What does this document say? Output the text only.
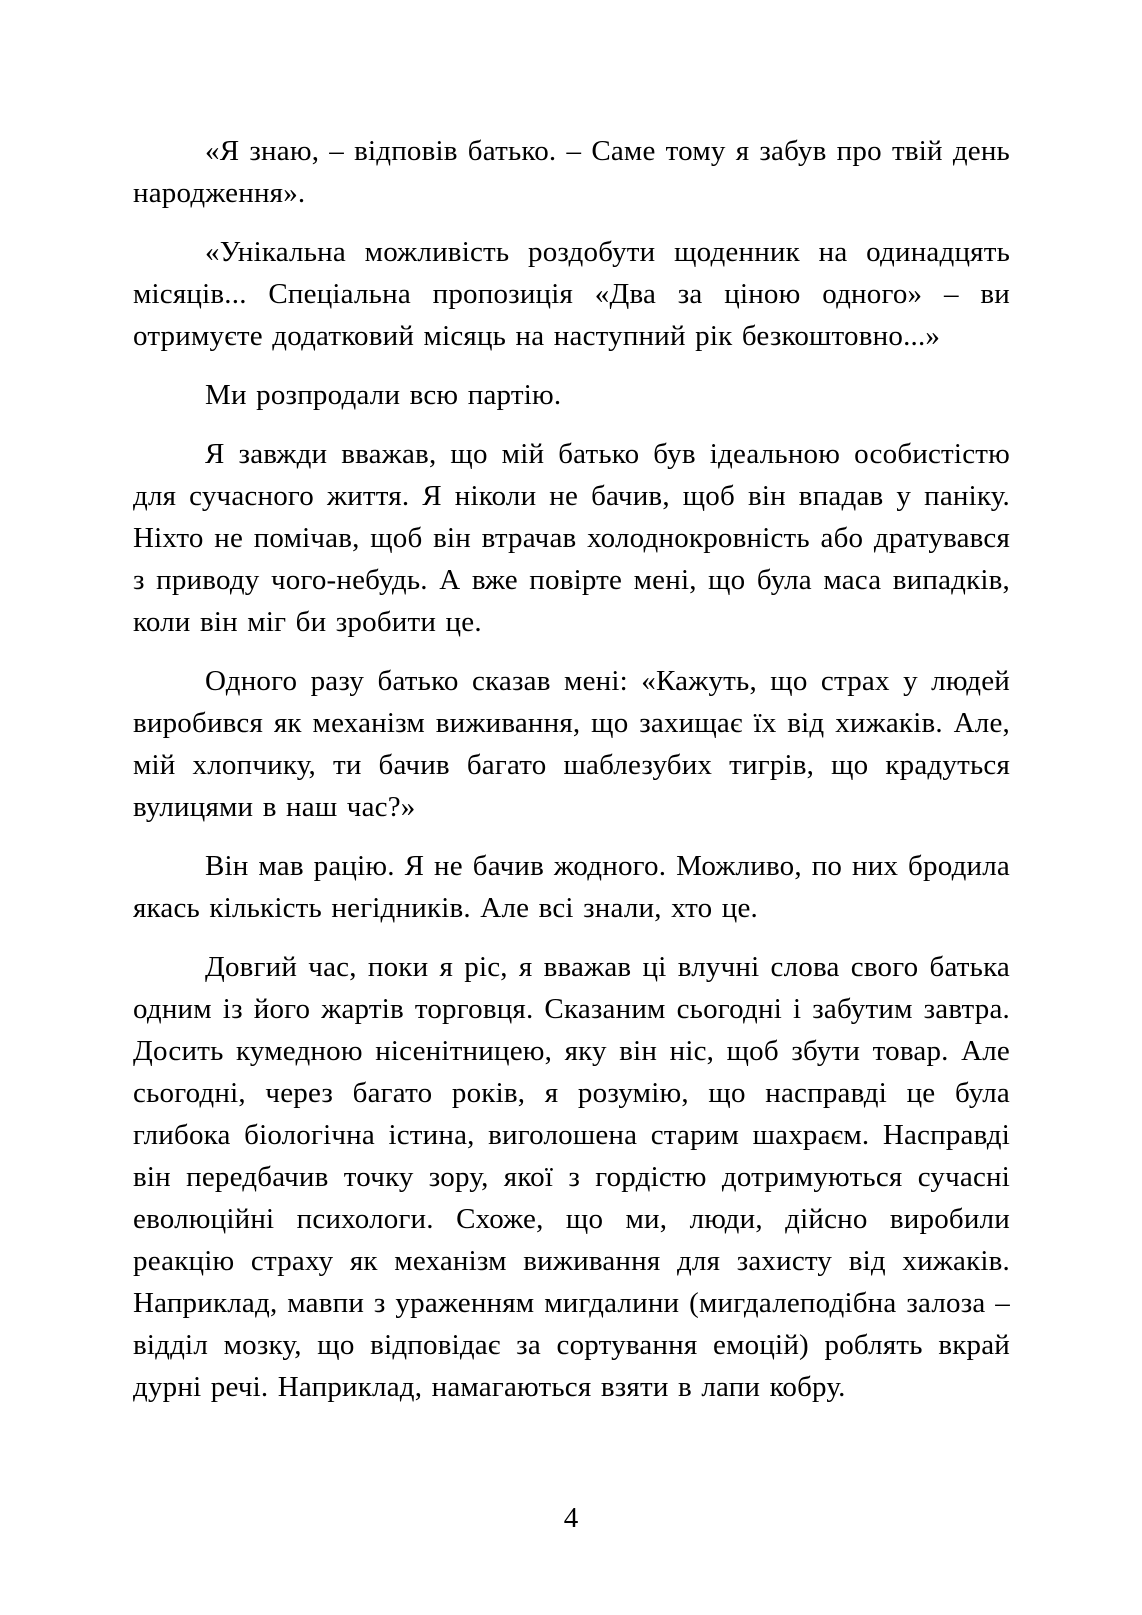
«Я знаю, – відповів батько. – Саме тому я забув про твій день народження».

«Унікальна можливість роздобути щоденник на одинадцять місяців... Спеціальна пропозиція «Два за ціною одного» – ви отримуєте додатковий місяць на наступний рік безкоштовно...»

Ми розпродали всю партію.

Я завжди вважав, що мій батько був ідеальною особистістю для сучасного життя. Я ніколи не бачив, щоб він впадав у паніку. Ніхто не помічав, щоб він втрачав холоднокровність або дратувався з приводу чого-небудь. А вже повірте мені, що була маса випадків, коли він міг би зробити це.

Одного разу батько сказав мені: «Кажуть, що страх у людей виробився як механізм виживання, що захищає їх від хижаків. Але, мій хлопчику, ти бачив багато шаблезубих тигрів, що крадуться вулицями в наш час?»

Він мав рацію. Я не бачив жодного. Можливо, по них бродила якась кількість негідників. Але всі знали, хто це.

Довгий час, поки я ріс, я вважав ці влучні слова свого батька одним із його жартів торговця. Сказаним сьогодні і забутим завтра. Досить кумедною нісенітницею, яку він ніс, щоб збути товар. Але сьогодні, через багато років, я розумію, що насправді це була глибока біологічна істина, виголошена старим шахраєм. Насправді він передбачив точку зору, якої з гордістю дотримуються сучасні еволюційні психологи. Схоже, що ми, люди, дійсно виробили реакцію страху як механізм виживання для захисту від хижаків. Наприклад, мавпи з ураженням мигдалини (мигдалеподібна залоза – відділ мозку, що відповідає за сортування емоцій) роблять вкрай дурні речі. Наприклад, намагаються взяти в лапи кобру.

4
